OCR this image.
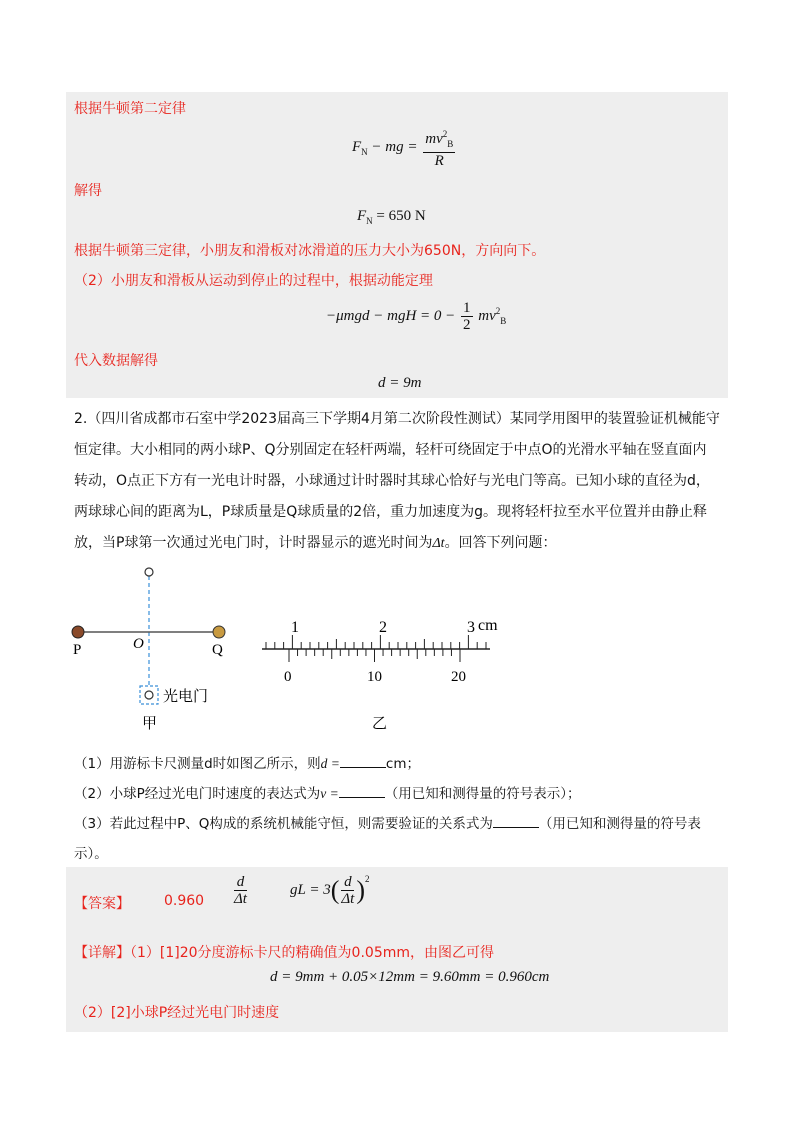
根据牛顿第二定律
$F_N$ − mg = $\frac{mv^2_B}{R}$
解得
$F_N = 650$ N
根据牛顿第三定律，小朋友和滑板对冰滑道的压力大小为650N，方向向下。
（2）小朋友和滑板从运动到停止的过程中，根据动能定理
−μmgd − mgH = $0 - \frac{1}{2} mv^2_B$
代入数据解得
d = 9m
2.（四川省成都市石室中学2023届高三下学期4月第二次阶段性测试）某同学用图甲的装置验证机械能守
恒定律。大小相同的两小球P、Q分别固定在轻杆两端，轻杆可绕固定于中点O的光滑水平轴在竖直面内
转动，O点正下方有一光电计时器，小球通过计时器时其球心恰好与光电门等高。已知小球的直径为d，
两球球心间的距离为L，P球质量是Q球质量的2倍，重力加速度为g。现将轻杆拉至水平位置并由静止释
放，当P球第一次通过光电门时，计时器显示的遮光时间为Δt。回答下列问题：
P	O	Q
光电门
甲
1	2	3 cm
0	10	20
乙
（1）用游标卡尺测量d时如图乙所示，则d =	cm；
（2）小球P经过光电门时速度的表达式为v =	（用已知和测得量的符号表示）；
（3）若此过程中P、Q构成的系统机械能守恒，则需要验证的关系式为	（用已知和测得量的符号表
示）。
【答案】 $0.960 \frac{d}{\Delta t}$	gL = $3( \frac{d}{\Delta t} )^2$
【详解】（1）[1]20分度游标卡尺的精确值为0.05mm，由图乙可得
d = 9mm + 0.05×12mm = 9.60mm = 0.960cm
（2）[2]小球P经过光电门时速度
